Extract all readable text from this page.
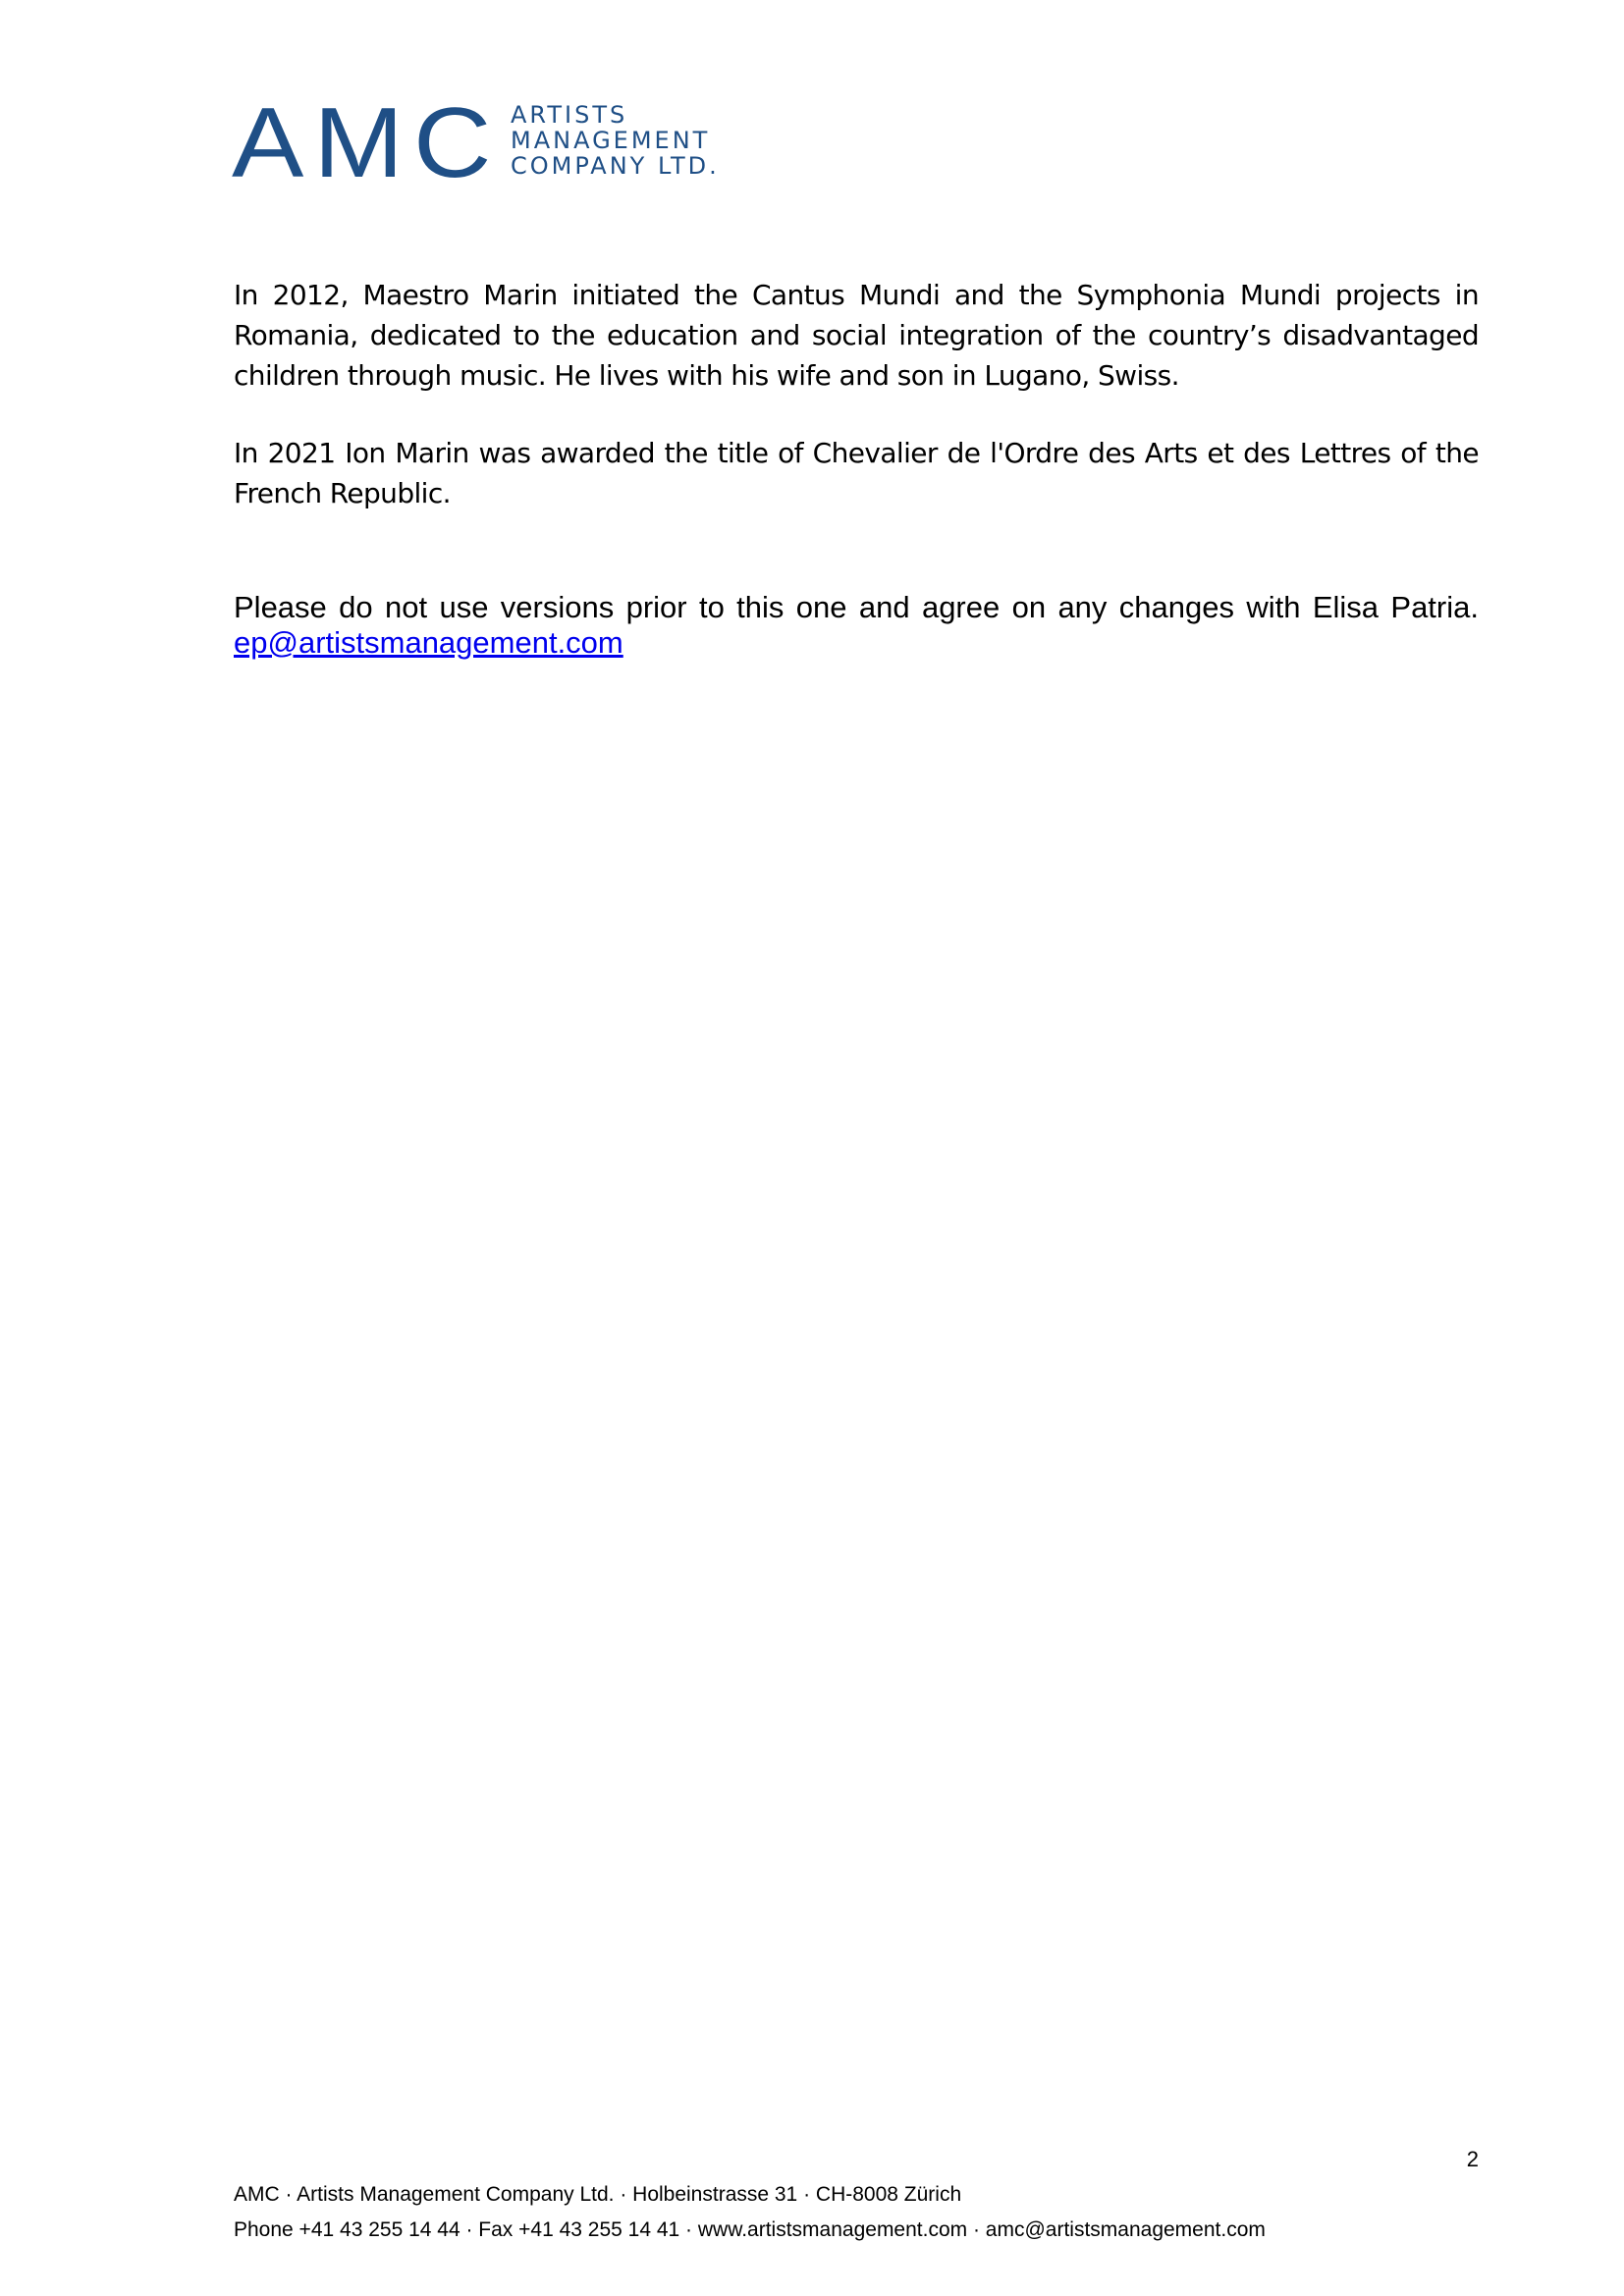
AMC ARTISTS
MANAGEMENT
COMPANY LTD.

In 2012, Maestro Marin initiated the Cantus Mundi and the Symphonia Mundi projects in Romania, dedicated to the education and social integration of the country’s disadvantaged children through music. He lives with his wife and son in Lugano, Swiss.

In 2021 Ion Marin was awarded the title of Chevalier de l'Ordre des Arts et des Lettres of the French Republic.

Please do not use versions prior to this one and agree on any changes with Elisa Patria.
ep@artistsmanagement.com
2
AMC · Artists Management Company Ltd. · Holbeinstrasse 31 · CH-8008 Zürich
Phone +41 43 255 14 44 · Fax +41 43 255 14 41 · www.artistsmanagement.com · amc@artistsmanagement.com
